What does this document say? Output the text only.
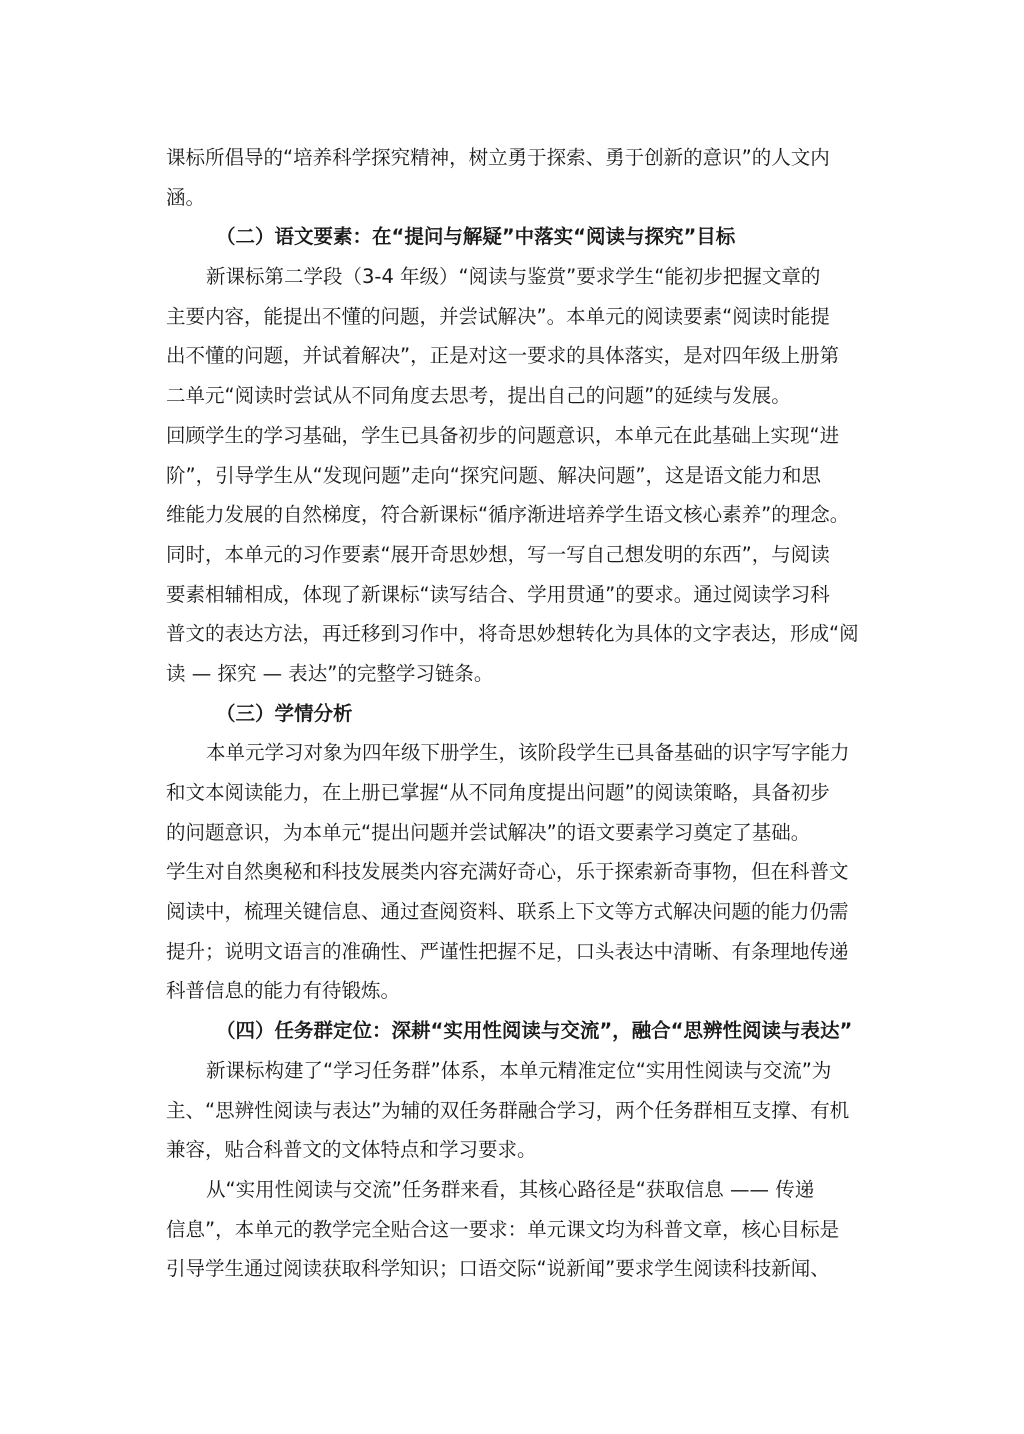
课标所倡导的“培养科学探究精神，树立勇于探索、勇于创新的意识”的人文内
涵。
（二）语文要素：在“提问与解疑”中落实“阅读与探究”目标
新课标第二学段（3-4 年级）“阅读与鉴赏”要求学生“能初步把握文章的
主要内容，能提出不懂的问题，并尝试解决”。本单元的阅读要素“阅读时能提
出不懂的问题，并试着解决”，正是对这一要求的具体落实，是对四年级上册第
二单元“阅读时尝试从不同角度去思考，提出自己的问题”的延续与发展。
回顾学生的学习基础，学生已具备初步的问题意识，本单元在此基础上实现“进
阶”，引导学生从“发现问题”走向“探究问题、解决问题”，这是语文能力和思
维能力发展的自然梯度，符合新课标“循序渐进培养学生语文核心素养”的理念。
同时，本单元的习作要素“展开奇思妙想，写一写自己想发明的东西”，与阅读
要素相辅相成，体现了新课标“读写结合、学用贯通”的要求。通过阅读学习科
普文的表达方法，再迁移到习作中，将奇思妙想转化为具体的文字表达，形成“阅
读 — 探究 — 表达”的完整学习链条。
（三）学情分析
本单元学习对象为四年级下册学生，该阶段学生已具备基础的识字写字能力
和文本阅读能力，在上册已掌握“从不同角度提出问题”的阅读策略，具备初步
的问题意识，为本单元“提出问题并尝试解决”的语文要素学习奠定了基础。
学生对自然奥秘和科技发展类内容充满好奇心，乐于探索新奇事物，但在科普文
阅读中，梳理关键信息、通过查阅资料、联系上下文等方式解决问题的能力仍需
提升；说明文语言的准确性、严谨性把握不足，口头表达中清晰、有条理地传递
科普信息的能力有待锻炼。
（四）任务群定位：深耕“实用性阅读与交流”，融合“思辨性阅读与表达”
新课标构建了“学习任务群”体系，本单元精准定位“实用性阅读与交流”为
主、“思辨性阅读与表达”为辅的双任务群融合学习，两个任务群相互支撑、有机
兼容，贴合科普文的文体特点和学习要求。
从“实用性阅读与交流”任务群来看，其核心路径是“获取信息 —— 传递
信息”，本单元的教学完全贴合这一要求：单元课文均为科普文章，核心目标是
引导学生通过阅读获取科学知识；口语交际“说新闻”要求学生阅读科技新闻、
